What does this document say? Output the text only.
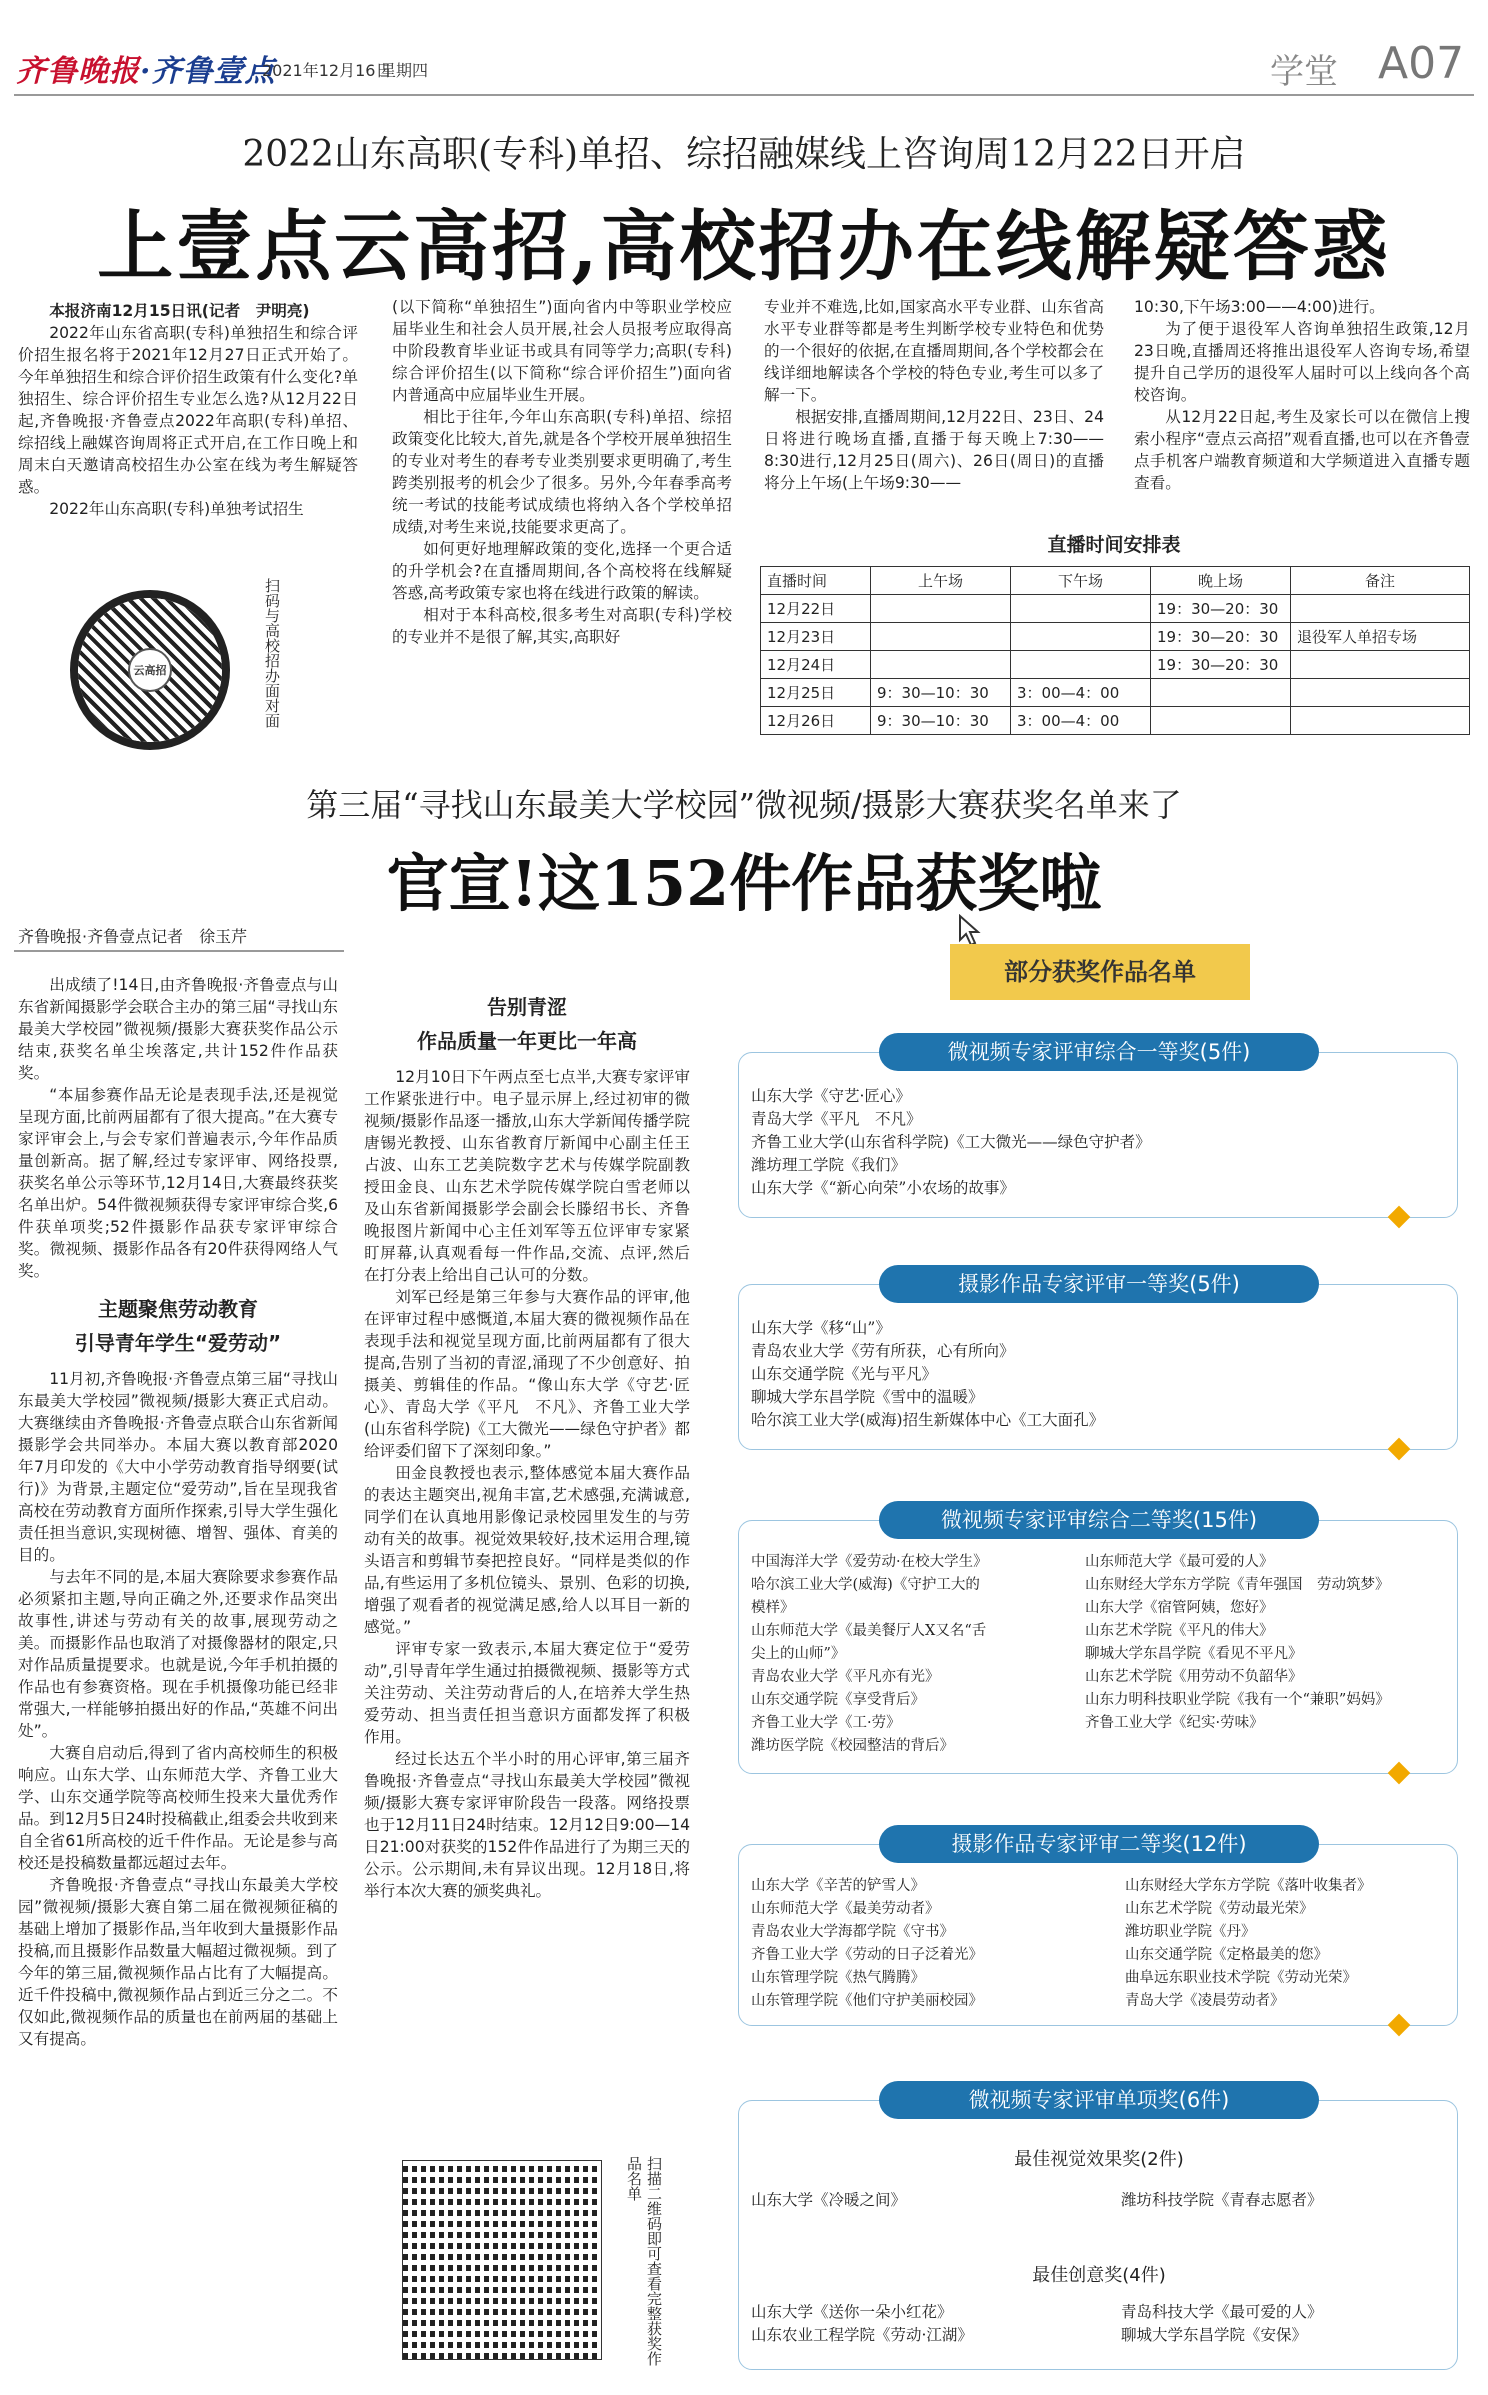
齐鲁晚报·齐鲁壹点
2021年12月16日
星期四	学堂 A07
2022山东高职(专科)单招、综招融媒线上咨询周12月22日开启
上壹点云高招,高校招办在线解疑答惑
本报济南12月15日讯(记者　尹明亮)

2022年山东省高职(专科)单独招生和综合评价招生报名将于2021年12月27日正式开始了。今年单独招生和综合评价招生政策有什么变化?单独招生、综合评价招生专业怎么选?从12月22日起,齐鲁晚报·齐鲁壹点2022年高职(专科)单招、综招线上融媒咨询周将正式开启,在工作日晚上和周末白天邀请高校招生办公室在线为考生解疑答惑。

2022年山东高职(专科)单独考试招生

云高招	扫码与高校招办面对面

(以下简称“单独招生”)面向省内中等职业学校应届毕业生和社会人员开展,社会人员报考应取得高中阶段教育毕业证书或具有同等学力;高职(专科)综合评价招生(以下简称“综合评价招生”)面向省内普通高中应届毕业生开展。

相比于往年,今年山东高职(专科)单招、综招政策变化比较大,首先,就是各个学校开展单独招生的专业对考生的春考专业类别要求更明确了,考生跨类别报考的机会少了很多。另外,今年春季高考统一考试的技能考试成绩也将纳入各个学校单招成绩,对考生来说,技能要求更高了。

如何更好地理解政策的变化,选择一个更合适的升学机会?在直播周期间,各个高校将在线解疑答惑,高考政策专家也将在线进行政策的解读。

相对于本科高校,很多考生对高职(专科)学校的专业并不是很了解,其实,高职好

专业并不难选,比如,国家高水平专业群、山东省高水平专业群等都是考生判断学校专业特色和优势的一个很好的依据,在直播周期间,各个学校都会在线详细地解读各个学校的特色专业,考生可以多了解一下。

根据安排,直播周期间,12月22日、23日、24日将进行晚场直播,直播于每天晚上7:30——8:30进行,12月25日(周六)、26日(周日)的直播将分上午场(上午场9:30——

10:30,下午场3:00——4:00)进行。

为了便于退役军人咨询单独招生政策,12月23日晚,直播周还将推出退役军人咨询专场,希望提升自己学历的退役军人届时可以上线向各个高校咨询。

从12月22日起,考生及家长可以在微信上搜索小程序“壹点云高招”观看直播,也可以在齐鲁壹点手机客户端教育频道和大学频道进入直播专题查看。

直播时间安排表
直播时间	上午场	下午场	晚上场	备注
12月22日			19：30—20：30	
12月23日			19：30—20：30	退役军人单招专场
12月24日			19：30—20：30	
12月25日	9：30—10：30	3：00—4：00		
12月26日	9：30—10：30	3：00—4：00		
第三届“寻找山东最美大学校园”微视频/摄影大赛获奖名单来了
官宣!这152件作品获奖啦
齐鲁晚报·齐鲁壹点记者　徐玉芹

出成绩了!14日,由齐鲁晚报·齐鲁壹点与山东省新闻摄影学会联合主办的第三届“寻找山东最美大学校园”微视频/摄影大赛获奖作品公示结束,获奖名单尘埃落定,共计152件作品获奖。

“本届参赛作品无论是表现手法,还是视觉呈现方面,比前两届都有了很大提高。”在大赛专家评审会上,与会专家们普遍表示,今年作品质量创新高。据了解,经过专家评审、网络投票,获奖名单公示等环节,12月14日,大赛最终获奖名单出炉。54件微视频获得专家评审综合奖,6件获单项奖;52件摄影作品获专家评审综合奖。微视频、摄影作品各有20件获得网络人气奖。

主题聚焦劳动教育
引导青年学生“爱劳动”

11月初,齐鲁晚报·齐鲁壹点第三届“寻找山东最美大学校园”微视频/摄影大赛正式启动。大赛继续由齐鲁晚报·齐鲁壹点联合山东省新闻摄影学会共同举办。本届大赛以教育部2020年7月印发的《大中小学劳动教育指导纲要(试行)》为背景,主题定位“爱劳动”,旨在呈现我省高校在劳动教育方面所作探索,引导大学生强化责任担当意识,实现树德、增智、强体、育美的目的。

与去年不同的是,本届大赛除要求参赛作品必须紧扣主题,导向正确之外,还要求作品突出故事性,讲述与劳动有关的故事,展现劳动之美。而摄影作品也取消了对摄像器材的限定,只对作品质量提要求。也就是说,今年手机拍摄的作品也有参赛资格。现在手机摄像功能已经非常强大,一样能够拍摄出好的作品,“英雄不问出处”。

大赛自启动后,得到了省内高校师生的积极响应。山东大学、山东师范大学、齐鲁工业大学、山东交通学院等高校师生投来大量优秀作品。到12月5日24时投稿截止,组委会共收到来自全省61所高校的近千件作品。无论是参与高校还是投稿数量都远超过去年。

齐鲁晚报·齐鲁壹点“寻找山东最美大学校园”微视频/摄影大赛自第二届在微视频征稿的基础上增加了摄影作品,当年收到大量摄影作品投稿,而且摄影作品数量大幅超过微视频。到了今年的第三届,微视频作品占比有了大幅提高。近千件投稿中,微视频作品占到近三分之二。不仅如此,微视频作品的质量也在前两届的基础上又有提高。

告别青涩
作品质量一年更比一年高

12月10日下午两点至七点半,大赛专家评审工作紧张进行中。电子显示屏上,经过初审的微视频/摄影作品逐一播放,山东大学新闻传播学院唐锡光教授、山东省教育厅新闻中心副主任王占波、山东工艺美院数字艺术与传媒学院副教授田金良、山东艺术学院传媒学院白雪老师以及山东省新闻摄影学会副会长滕绍书长、齐鲁晚报图片新闻中心主任刘军等五位评审专家紧盯屏幕,认真观看每一件作品,交流、点评,然后在打分表上给出自己认可的分数。

刘军已经是第三年参与大赛作品的评审,他在评审过程中感慨道,本届大赛的微视频作品在表现手法和视觉呈现方面,比前两届都有了很大提高,告别了当初的青涩,涌现了不少创意好、拍摄美、剪辑佳的作品。“像山东大学《守艺·匠心》、青岛大学《平凡　不凡》、齐鲁工业大学(山东省科学院)《工大微光——绿色守护者》都给评委们留下了深刻印象。”

田金良教授也表示,整体感觉本届大赛作品的表达主题突出,视角丰富,艺术感强,充满诚意,同学们在认真地用影像记录校园里发生的与劳动有关的故事。视觉效果较好,技术运用合理,镜头语言和剪辑节奏把控良好。“同样是类似的作品,有些运用了多机位镜头、景别、色彩的切换,增强了观看者的视觉满足感,给人以耳目一新的感觉。”

评审专家一致表示,本届大赛定位于“爱劳动”,引导青年学生通过拍摄微视频、摄影等方式关注劳动、关注劳动背后的人,在培养大学生热爱劳动、担当责任担当意识方面都发挥了积极作用。

经过长达五个半小时的用心评审,第三届齐鲁晚报·齐鲁壹点“寻找山东最美大学校园”微视频/摄影大赛专家评审阶段告一段落。网络投票也于12月11日24时结束。12月12日9:00—14日21:00对获奖的152件作品进行了为期三天的公示。公示期间,未有异议出现。12月18日,将举行本次大赛的颁奖典礼。

扫描二维码即可查看完整获奖作品名单
部分获奖作品名单
微视频专家评审综合一等奖(5件)
山东大学《守艺·匠心》
青岛大学《平凡　不凡》
齐鲁工业大学(山东省科学院)《工大微光——绿色守护者》
潍坊理工学院《我们》
山东大学《“新心向荣”小农场的故事》
摄影作品专家评审一等奖(5件)
山东大学《移“山”》
青岛农业大学《劳有所获，心有所向》
山东交通学院《光与平凡》
聊城大学东昌学院《雪中的温暖》
哈尔滨工业大学(威海)招生新媒体中心《工大面孔》
微视频专家评审综合二等奖(15件)
中国海洋大学《爱劳动·在校大学生》
哈尔滨工业大学(威海)《守护工大的
模样》
山东师范大学《最美餐厅人X又名“舌
尖上的山师”》
青岛农业大学《平凡亦有光》
山东交通学院《享受背后》
齐鲁工业大学《工·劳》
潍坊医学院《校园整洁的背后》
山东师范大学《最可爱的人》
山东财经大学东方学院《青年强国　劳动筑梦》
山东大学《宿管阿姨，您好》
山东艺术学院《平凡的伟大》
聊城大学东昌学院《看见不平凡》
山东艺术学院《用劳动不负韶华》
山东力明科技职业学院《我有一个“兼职”妈妈》
齐鲁工业大学《纪实·劳味》
摄影作品专家评审二等奖(12件)
山东大学《辛苦的铲雪人》
山东师范大学《最美劳动者》
青岛农业大学海都学院《守书》
齐鲁工业大学《劳动的日子泛着光》
山东管理学院《热气腾腾》
山东管理学院《他们守护美丽校园》
山东财经大学东方学院《落叶收集者》
山东艺术学院《劳动最光荣》
潍坊职业学院《丹》
山东交通学院《定格最美的您》
曲阜远东职业技术学院《劳动光荣》
青岛大学《凌晨劳动者》
微视频专家评审单项奖(6件)
最佳视觉效果奖(2件)
山东大学《冷暖之间》	潍坊科技学院《青春志愿者》
最佳创意奖(4件)
山东大学《送你一朵小红花》
山东农业工程学院《劳动·江湖》
青岛科技大学《最可爱的人》
聊城大学东昌学院《安保》
